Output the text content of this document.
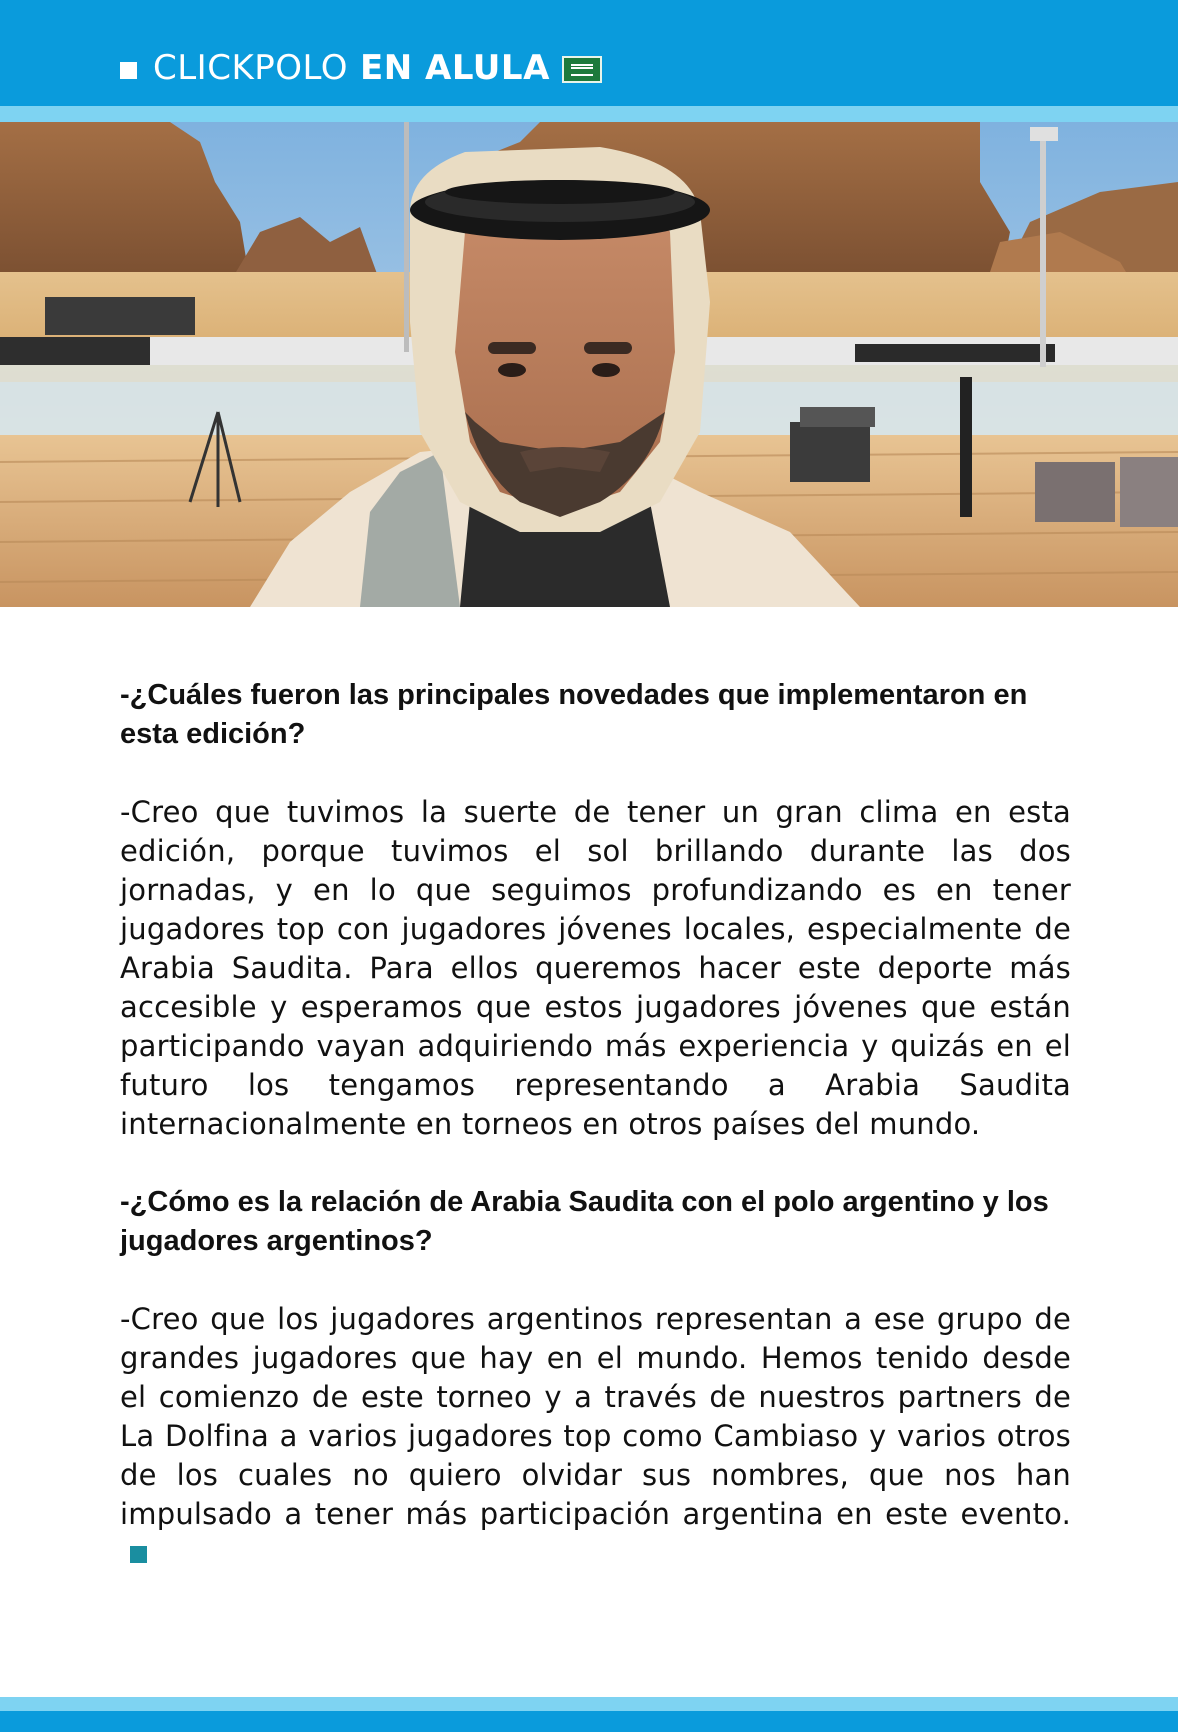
CLICKPOLO EN ALULA

-¿Cuáles fueron las principales novedades que implementaron en esta edición?

-Creo que tuvimos la suerte de tener un gran clima en esta edición, porque tuvimos el sol brillando durante las dos jornadas, y en lo que seguimos profundizando es en tener jugadores top con jugadores jóvenes locales, especialmente de Arabia Saudita. Para ellos queremos hacer este deporte más accesible y esperamos que estos jugadores jóvenes que están participando vayan adquiriendo más experiencia y quizás en el futuro los tengamos representando a Arabia Saudita internacionalmente en torneos en otros países del mundo.

-¿Cómo es la relación de Arabia Saudita con el polo argentino y los jugadores argentinos?

-Creo que los jugadores argentinos representan a ese grupo de grandes jugadores que hay en el mundo. Hemos tenido desde el comienzo de este torneo y a través de nuestros partners de La Dolfina a varios jugadores top como Cambiaso y varios otros de los cuales no quiero olvidar sus nombres, que nos han impulsado a tener más participación argentina en este evento.
